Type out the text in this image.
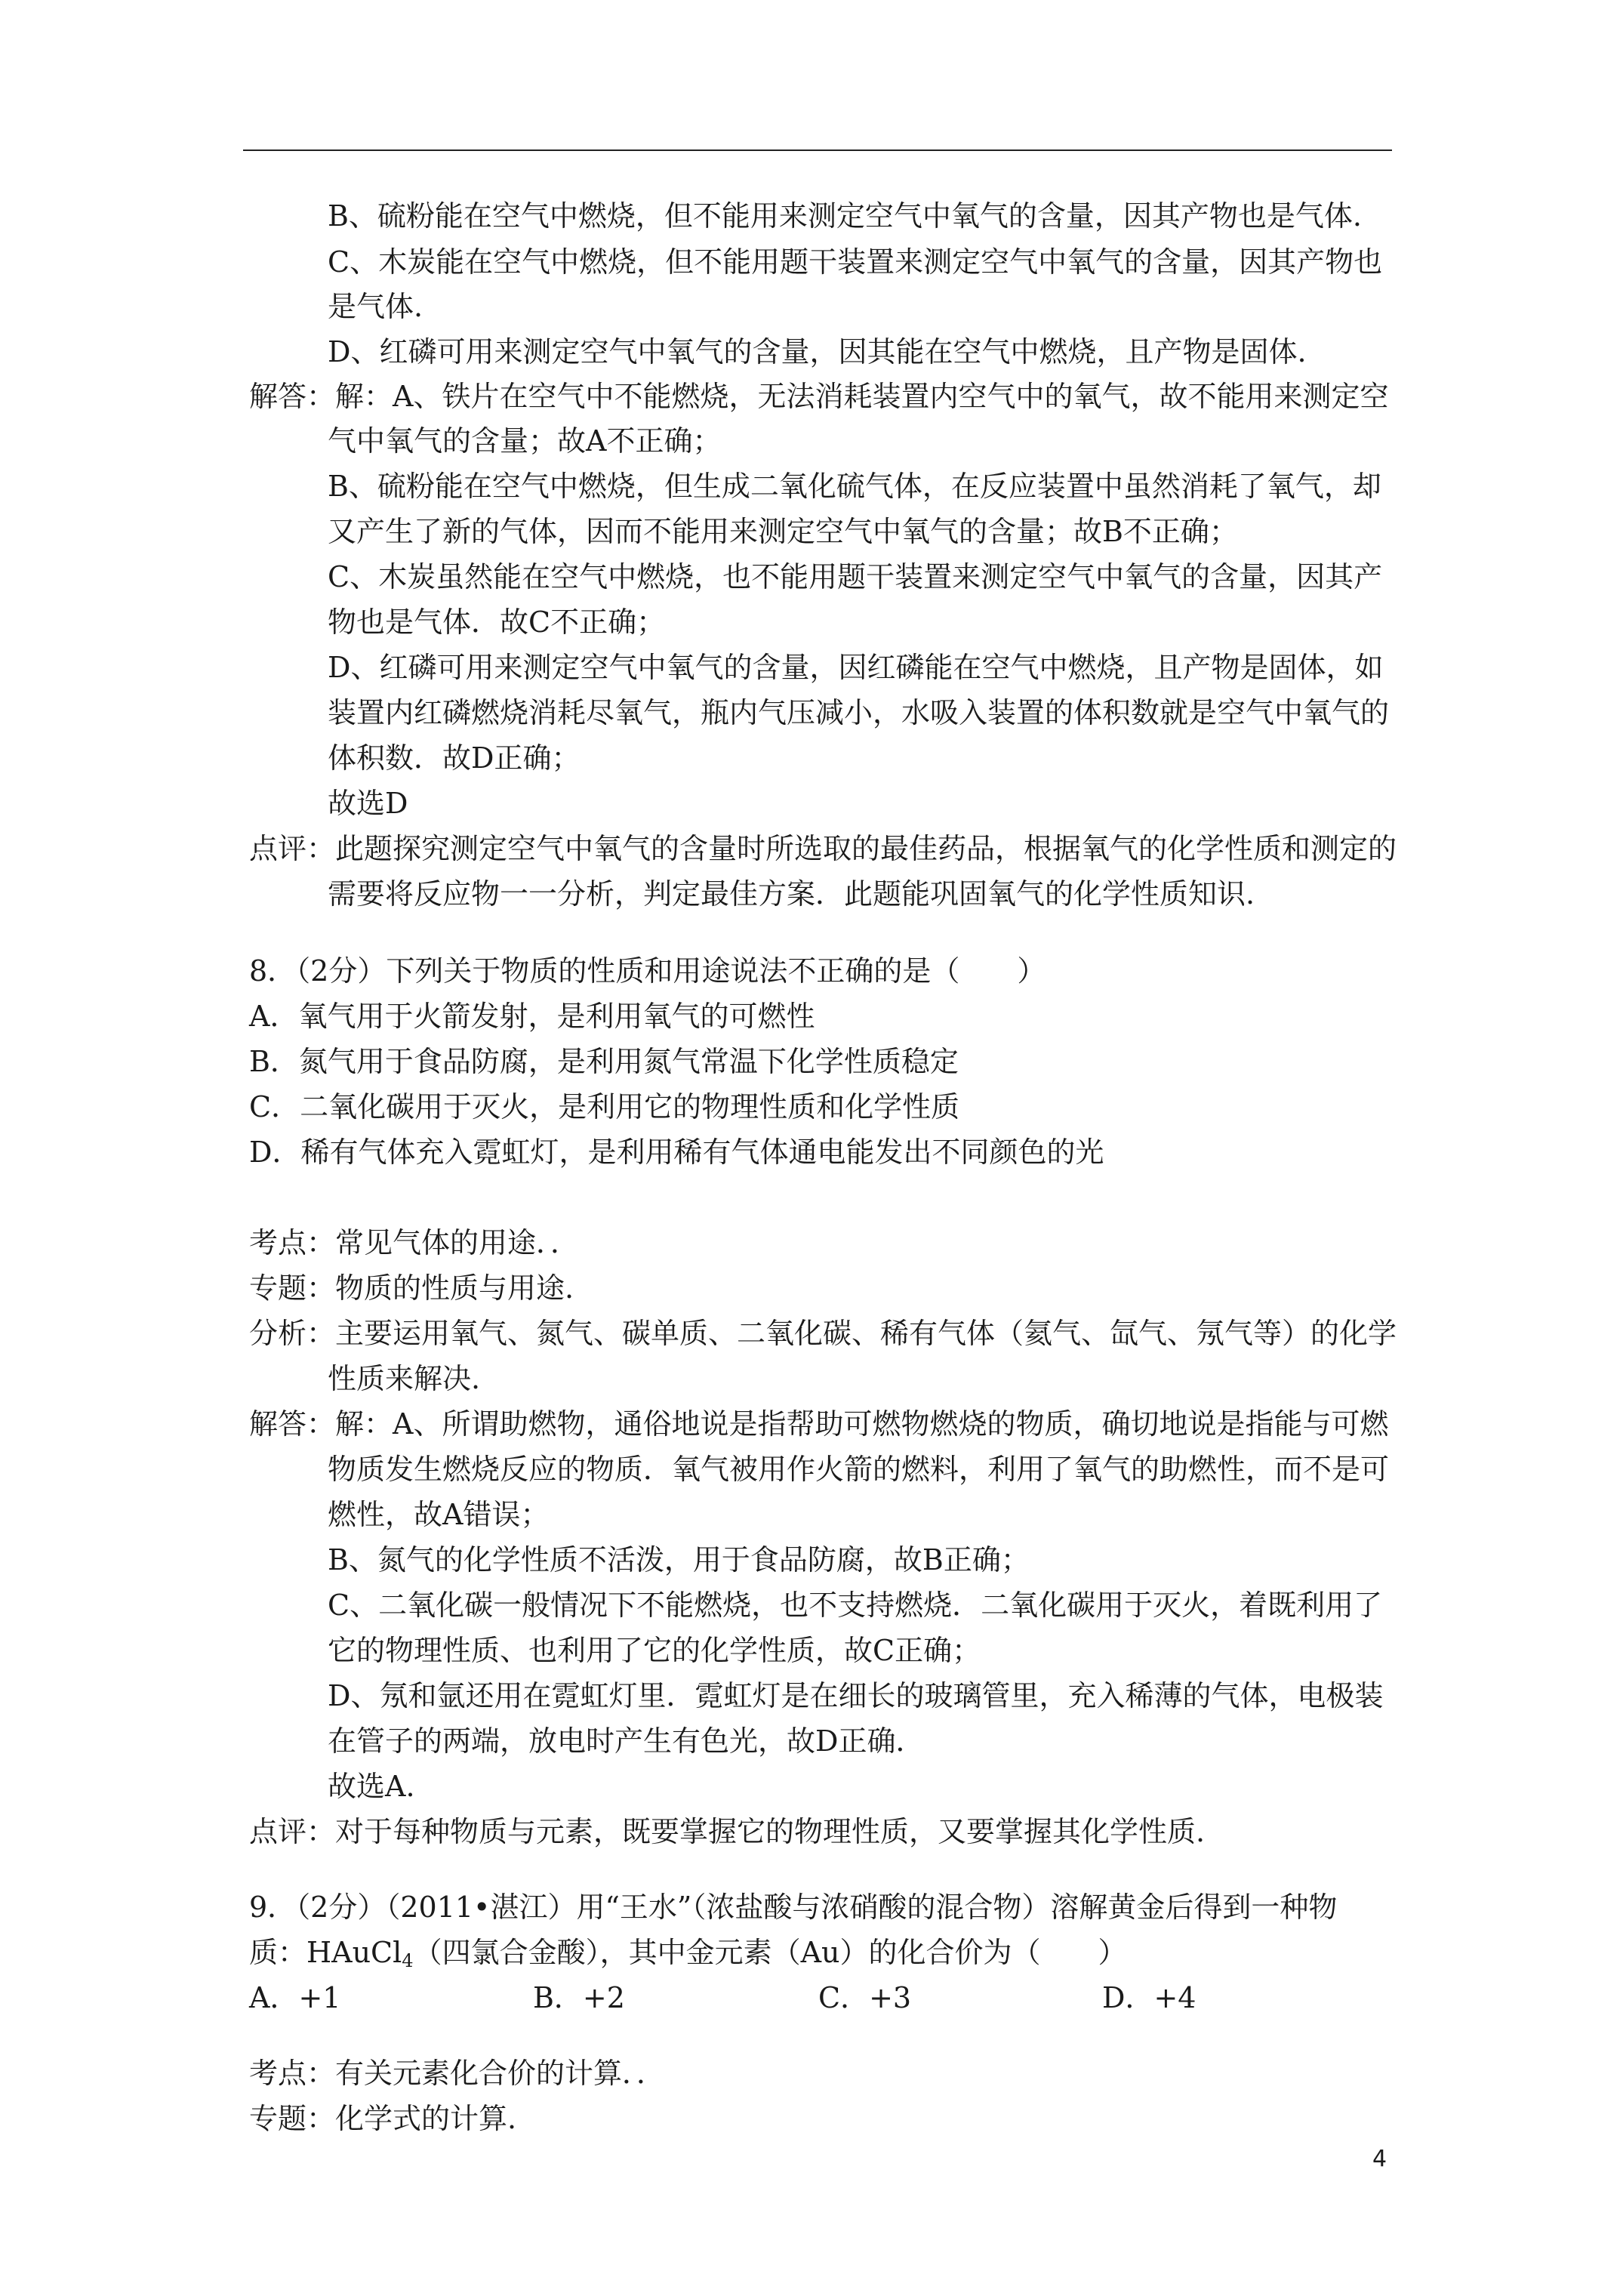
B、硫粉能在空气中燃烧，但不能用来测定空气中氧气的含量，因其产物也是气体.
C、木炭能在空气中燃烧，但不能用题干装置来测定空气中氧气的含量，因其产物也
是气体.
D、红磷可用来测定空气中氧气的含量，因其能在空气中燃烧，且产物是固体.
解答：解：A、铁片在空气中不能燃烧，无法消耗装置内空气中的氧气，故不能用来测定空
气中氧气的含量；故A不正确；
B、硫粉能在空气中燃烧，但生成二氧化硫气体，在反应装置中虽然消耗了氧气，却
又产生了新的气体，因而不能用来测定空气中氧气的含量；故B不正确；
C、木炭虽然能在空气中燃烧，也不能用题干装置来测定空气中氧气的含量，因其产
物也是气体．故C不正确；
D、红磷可用来测定空气中氧气的含量，因红磷能在空气中燃烧，且产物是固体，如
装置内红磷燃烧消耗尽氧气，瓶内气压减小，水吸入装置的体积数就是空气中氧气的
体积数．故D正确；
故选D
点评：此题探究测定空气中氧气的含量时所选取的最佳药品，根据氧气的化学性质和测定的
需要将反应物一一分析，判定最佳方案．此题能巩固氧气的化学性质知识.
8．（2分）下列关于物质的性质和用途说法不正确的是（　　）
A．氧气用于火箭发射，是利用氧气的可燃性
B．氮气用于食品防腐，是利用氮气常温下化学性质稳定
C．二氧化碳用于灭火，是利用它的物理性质和化学性质
D．稀有气体充入霓虹灯，是利用稀有气体通电能发出不同颜色的光
考点：常见气体的用途．．
专题：物质的性质与用途.
分析：主要运用氧气、氮气、碳单质、二氧化碳、稀有气体（氦气、氙气、氖气等）的化学
性质来解决.
解答：解：A、所谓助燃物，通俗地说是指帮助可燃物燃烧的物质，确切地说是指能与可燃
物质发生燃烧反应的物质．氧气被用作火箭的燃料，利用了氧气的助燃性，而不是可
燃性，故A错误；
B、氮气的化学性质不活泼，用于食品防腐，故B正确；
C、二氧化碳一般情况下不能燃烧，也不支持燃烧．二氧化碳用于灭火，着既利用了
它的物理性质、也利用了它的化学性质，故C正确；
D、氖和氩还用在霓虹灯里．霓虹灯是在细长的玻璃管里，充入稀薄的气体，电极装
在管子的两端，放电时产生有色光，故D正确．
故选A.
点评：对于每种物质与元素，既要掌握它的物理性质，又要掌握其化学性质.
9．（2分）（2011•湛江）用“王水”（浓盐酸与浓硝酸的混合物）溶解黄金后得到一种物
质：HAuCl$_4$（四氯合金酸），其中金元素（Au）的化合价为（　　）
A．+1	B．+2	C．+3	D．+4
考点：有关元素化合价的计算．．
专题：化学式的计算.
4
